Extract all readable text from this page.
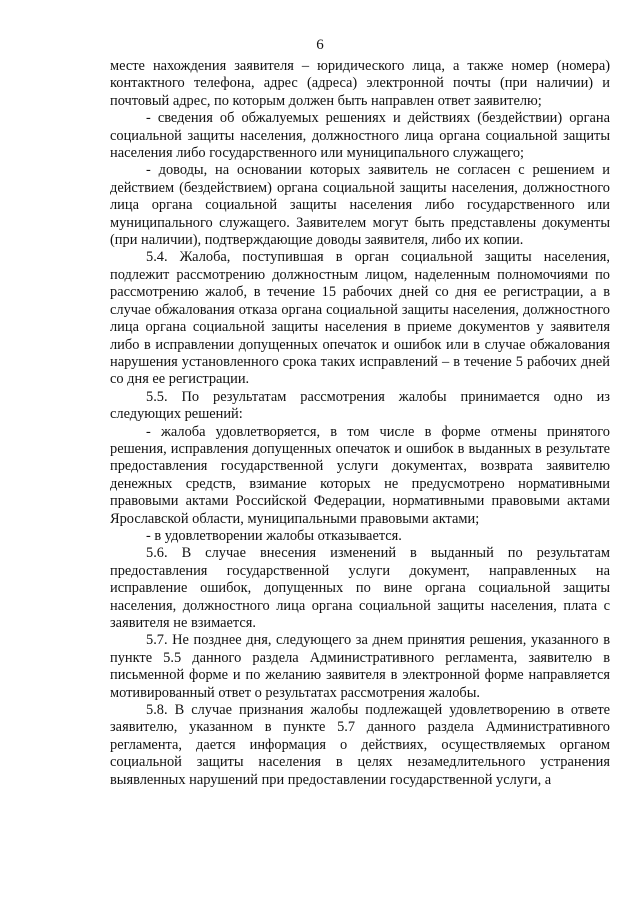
6

месте нахождения заявителя – юридического лица, а также номер (номера) контактного телефона, адрес (адреса) электронной почты (при наличии) и почтовый адрес, по которым должен быть направлен ответ заявителю;

- сведения об обжалуемых решениях и действиях (бездействии) органа социальной защиты населения, должностного лица органа социальной защиты населения либо государственного или муниципального служащего;

- доводы, на основании которых заявитель не согласен с решением и действием (бездействием) органа социальной защиты населения, должностного лица органа социальной защиты населения либо государственного или муниципального служащего. Заявителем могут быть представлены документы (при наличии), подтверждающие доводы заявителя, либо их копии.

5.4. Жалоба, поступившая в орган социальной защиты населения, подлежит рассмотрению должностным лицом, наделенным полномочиями по рассмотрению жалоб, в течение 15 рабочих дней со дня ее регистрации, а в случае обжалования отказа органа социальной защиты населения, должностного лица органа социальной защиты населения в приеме документов у заявителя либо в исправлении допущенных опечаток и ошибок или в случае обжалования нарушения установленного срока таких исправлений – в течение 5 рабочих дней со дня ее регистрации.

5.5. По результатам рассмотрения жалобы принимается одно из следующих решений:

- жалоба удовлетворяется, в том числе в форме отмены принятого решения, исправления допущенных опечаток и ошибок в выданных в результате предоставления государственной услуги документах, возврата заявителю денежных средств, взимание которых не предусмотрено нормативными правовыми актами Российской Федерации, нормативными правовыми актами Ярославской области, муниципальными правовыми актами;

- в удовлетворении жалобы отказывается.

5.6. В случае внесения изменений в выданный по результатам предоставления государственной услуги документ, направленных на исправление ошибок, допущенных по вине органа социальной защиты населения, должностного лица органа социальной защиты населения, плата с заявителя не взимается.

5.7. Не позднее дня, следующего за днем принятия решения, указанного в пункте 5.5 данного раздела Административного регламента, заявителю в письменной форме и по желанию заявителя в электронной форме направляется мотивированный ответ о результатах рассмотрения жалобы.

5.8. В случае признания жалобы подлежащей удовлетворению в ответе заявителю, указанном в пункте 5.7 данного раздела Административного регламента, дается информация о действиях, осуществляемых органом социальной защиты населения в целях незамедлительного устранения выявленных нарушений при предоставлении государственной услуги, а
